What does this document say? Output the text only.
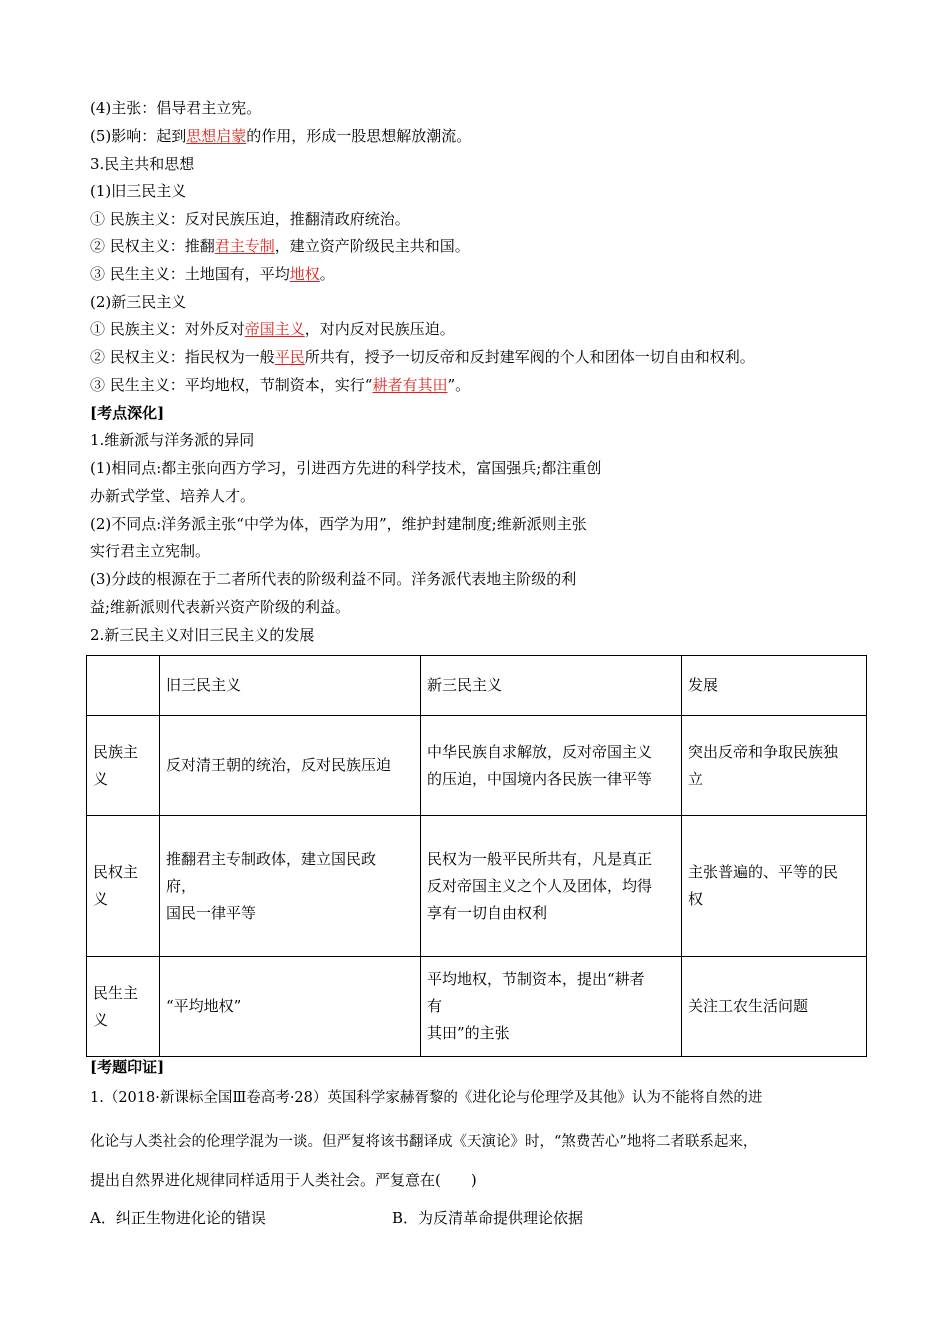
(4)主张：倡导君主立宪。
(5)影响：起到思想启蒙的作用，形成一股思想解放潮流。
3.民主共和思想
(1)旧三民主义
① 民族主义：反对民族压迫，推翻清政府统治。
② 民权主义：推翻君主专制，建立资产阶级民主共和国。
③ 民生主义：土地国有，平均地权。
(2)新三民主义
① 民族主义：对外反对帝国主义，对内反对民族压迫。
② 民权主义：指民权为一般平民所共有，授予一切反帝和反封建军阀的个人和团体一切自由和权利。
③ 民生主义：平均地权，节制资本，实行“耕者有其田”。
[考点深化]
1.维新派与洋务派的异同
(1)相同点:都主张向西方学习，引进西方先进的科学技术，富国强兵;都注重创
办新式学堂、培养人才。
(2)不同点:洋务派主张“中学为体，西学为用”，维护封建制度;维新派则主张
实行君主立宪制。
(3)分歧的根源在于二者所代表的阶级利益不同。洋务派代表地主阶级的利
益;维新派则代表新兴资产阶级的利益。
2.新三民主义对旧三民主义的发展
	旧三民主义	新三民主义	发展

民族主
义	反对清王朝的统治，反对民族压迫	中华民族自求解放，反对帝国主义
的压迫，中国境内各民族一律平等	突出反帝和争取民族独
立

民权主
义	推翻君主专制政体，建立国民政
府，
国民一律平等	民权为一般平民所共有，凡是真正
反对帝国主义之个人及团体，均得
享有一切自由权利	主张普遍的、平等的民
权

民生主
义	“平均地权”	平均地权，节制资本，提出“耕者
有
其田”的主张	关注工农生活问题
[考题印证]
1.（2018·新课标全国Ⅲ卷高考·28）英国科学家赫胥黎的《进化论与伦理学及其他》认为不能将自然的进
化论与人类社会的伦理学混为一谈。但严复将该书翻译成《天演论》时，“煞费苦心”地将二者联系起来，
提出自然界进化规律同样适用于人类社会。严复意在(　　)
A．纠正生物进化论的错误	B．为反清革命提供理论依据
